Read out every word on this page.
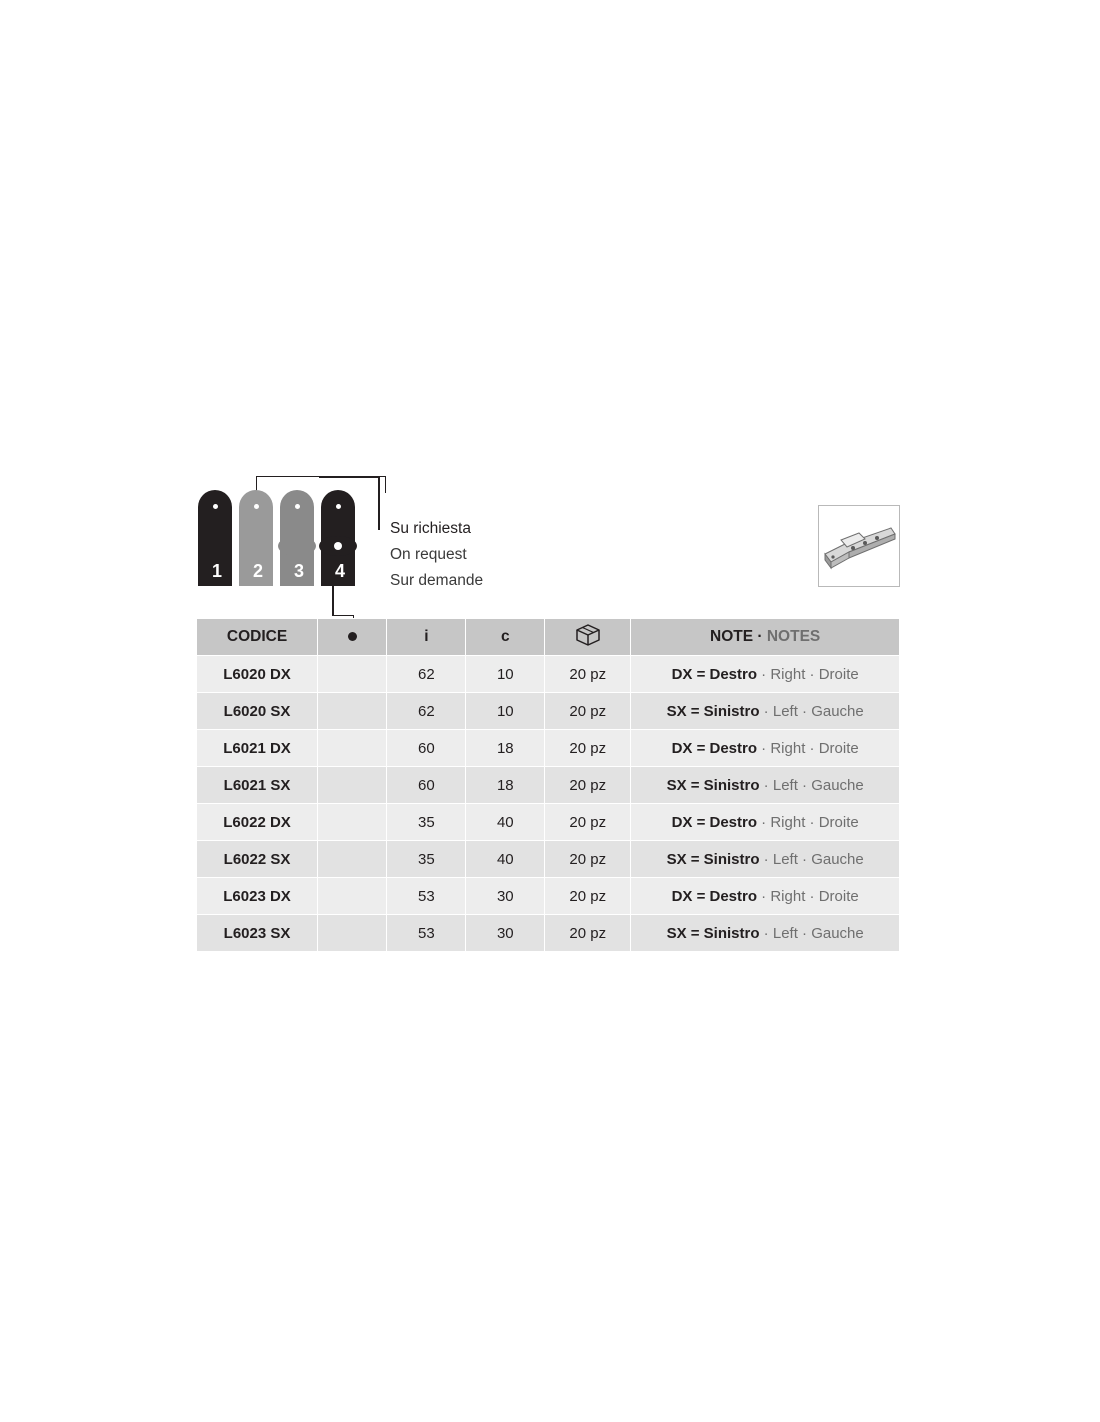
1	2	3	4
Su richiesta
On request
Sur demande
CODICE		i	c		NOTE · NOTES
L6020 DX		62	10	20 pz	DX = Destro · Right · Droite
L6020 SX		62	10	20 pz	SX = Sinistro · Left · Gauche
L6021 DX		60	18	20 pz	DX = Destro · Right · Droite
L6021 SX		60	18	20 pz	SX = Sinistro · Left · Gauche
L6022 DX		35	40	20 pz	DX = Destro · Right · Droite
L6022 SX		35	40	20 pz	SX = Sinistro · Left · Gauche
L6023 DX		53	30	20 pz	DX = Destro · Right · Droite
L6023 SX		53	30	20 pz	SX = Sinistro · Left · Gauche
